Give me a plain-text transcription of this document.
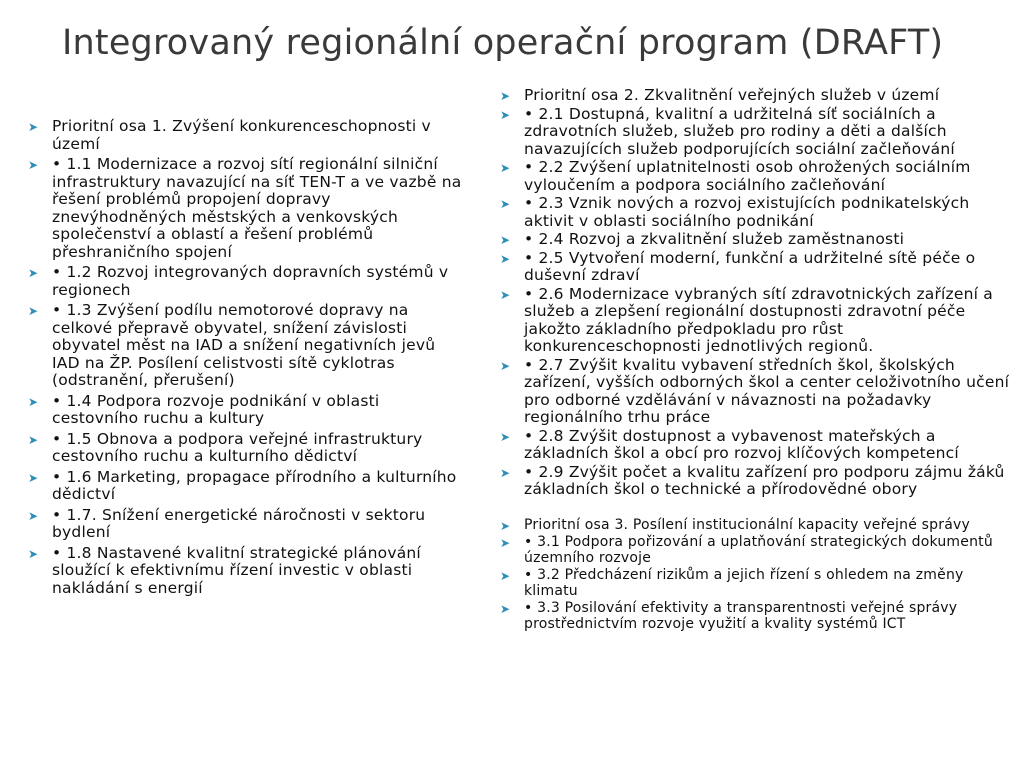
Integrovaný regionální operační program (DRAFT)
➤ Prioritní osa 1. Zvýšení konkurenceschopnosti v území
➤ • 1.1 Modernizace a rozvoj sítí regionální silniční infrastruktury navazující na síť TEN-T a ve vazbě na řešení problémů propojení dopravy znevýhodněných městských a venkovských společenství a oblastí a řešení problémů přeshraničního spojení
➤ • 1.2 Rozvoj integrovaných dopravních systémů v regionech
➤ • 1.3 Zvýšení podílu nemotorové dopravy na celkové přepravě obyvatel, snížení závislosti obyvatel měst na IAD a snížení negativních jevů IAD na ŽP. Posílení celistvosti sítě cyklotras (odstranění, přerušení)
➤ • 1.4 Podpora rozvoje podnikání v oblasti cestovního ruchu a kultury
➤ • 1.5 Obnova a podpora veřejné infrastruktury cestovního ruchu a kulturního dědictví
➤ • 1.6 Marketing, propagace přírodního a kulturního dědictví
➤ • 1.7. Snížení energetické náročnosti v sektoru bydlení
➤ • 1.8 Nastavené kvalitní strategické plánování sloužící k efektivnímu řízení investic v oblasti nakládání s energií
➤ Prioritní osa 2. Zkvalitnění veřejných služeb v území
➤ • 2.1 Dostupná, kvalitní a udržitelná síť sociálních a zdravotních služeb, služeb pro rodiny a děti a dalších navazujících služeb podporujících sociální začleňování
➤ • 2.2 Zvýšení uplatnitelnosti osob ohrožených sociálním vyloučením a podpora sociálního začleňování
➤ • 2.3 Vznik nových a rozvoj existujících podnikatelských aktivit v oblasti sociálního podnikání
➤ • 2.4 Rozvoj a zkvalitnění služeb zaměstnanosti
➤ • 2.5 Vytvoření moderní, funkční a udržitelné sítě péče o duševní zdraví
➤ • 2.6 Modernizace vybraných sítí zdravotnických zařízení a služeb a zlepšení regionální dostupnosti zdravotní péče jakožto základního předpokladu pro růst konkurenceschopnosti jednotlivých regionů.
➤ • 2.7 Zvýšit kvalitu vybavení středních škol, školských zařízení, vyšších odborných škol a center celoživotního učení pro odborné vzdělávání v návaznosti na požadavky regionálního trhu práce
➤ • 2.8 Zvýšit dostupnost a vybavenost mateřských a základních škol a obcí pro rozvoj klíčových kompetencí
➤ • 2.9 Zvýšit počet a kvalitu zařízení pro podporu zájmu žáků základních škol o technické a přírodovědné obory
➤ Prioritní osa 3. Posílení institucionální kapacity veřejné správy
➤ • 3.1 Podpora pořizování a uplatňování strategických dokumentů územního rozvoje
➤ • 3.2 Předcházení rizikům a jejich řízení s ohledem na změny klimatu
➤ • 3.3 Posilování efektivity a transparentnosti veřejné správy prostřednictvím rozvoje využití a kvality systémů ICT
